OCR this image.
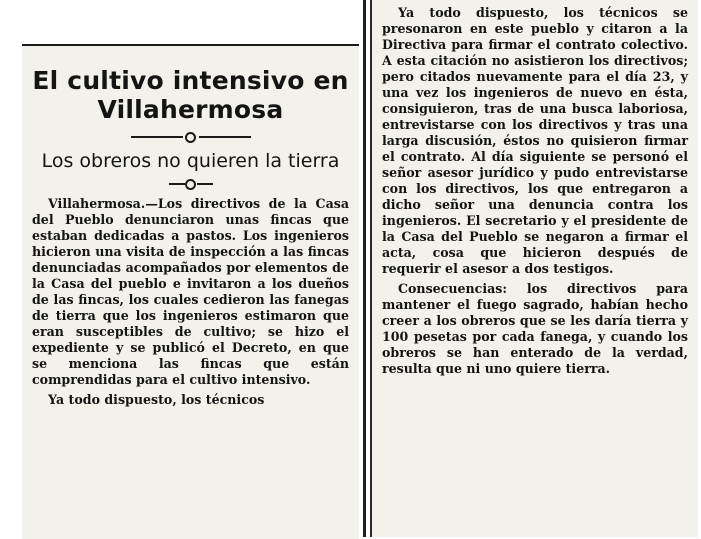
El cultivo intensivo en Villahermosa
Los obreros no quieren la tierra

Villahermosa.—Los directivos de la Casa del Pueblo denunciaron unas fincas que estaban dedicadas a pastos. Los ingenieros hicieron una visita de inspección a las fincas denunciadas acompañados por elementos de la Casa del pueblo e invitaron a los dueños de las fincas, los cuales cedieron las fanegas de tierra que los ingenieros estimaron que eran susceptibles de cultivo; se hizo el expediente y se publicó el Decreto, en que se menciona las fincas que están comprendidas para el cultivo intensivo.

Ya todo dispuesto, los técnicos

Ya todo dispuesto, los técnicos se presonaron en este pueblo y citaron a la Directiva para firmar el contrato colectivo. A esta citación no asistieron los directivos; pero citados nuevamente para el día 23, y una vez los ingenieros de nuevo en ésta, consiguieron, tras de una busca laboriosa, entrevistarse con los directivos y tras una larga discusión, éstos no quisieron firmar el contrato. Al día siguiente se personó el señor asesor jurídico y pudo entrevistarse con los directivos, los que entregaron a dicho señor una denuncia contra los ingenieros. El secretario y el presidente de la Casa del Pueblo se negaron a firmar el acta, cosa que hicieron después de requerir el asesor a dos testigos.

Consecuencias: los directivos para mantener el fuego sagrado, habían hecho creer a los obreros que se les daría tierra y 100 pesetas por cada fanega, y cuando los obreros se han enterado de la verdad, resulta que ni uno quiere tierra.
